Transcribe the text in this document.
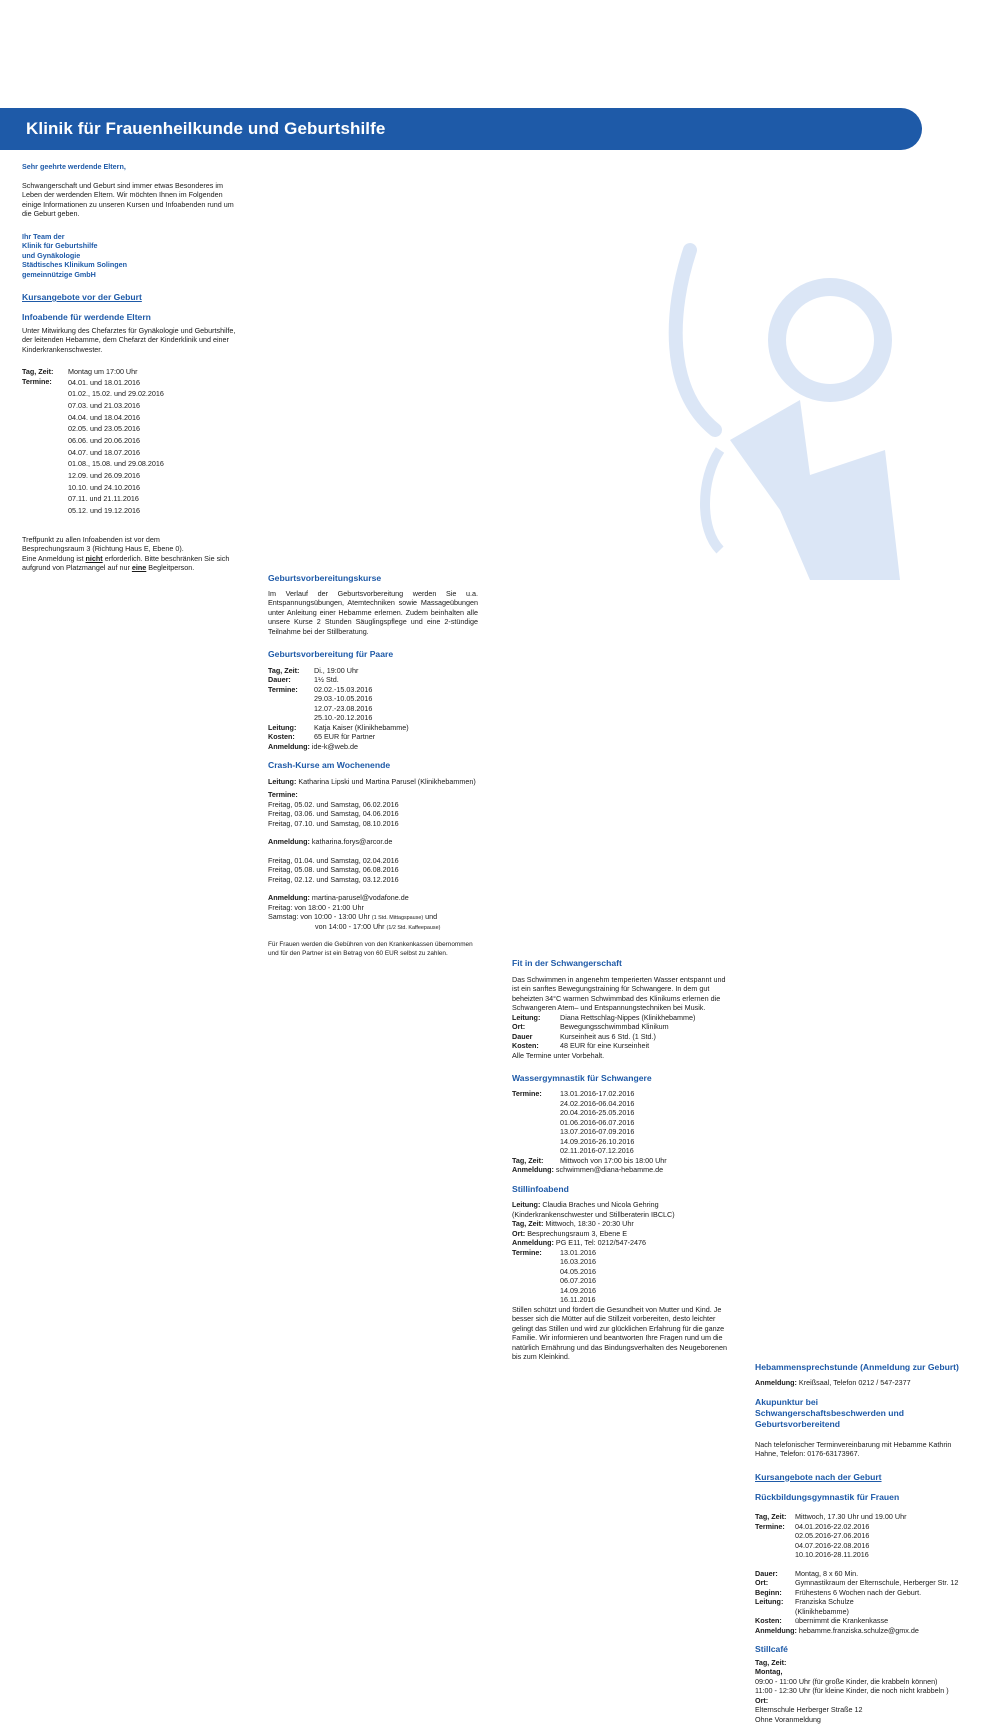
Klinik für Frauenheilkunde und Geburtshilfe

Sehr geehrte werdende Eltern,

Schwangerschaft und Geburt sind immer etwas Besonderes im Leben der werdenden Eltern. Wir möchten Ihnen im Folgenden einige Informationen zu unseren Kursen und Infoabenden rund um die Geburt geben.

Ihr Team der

Klinik für Geburtshilfe

und Gynäkologie

Städtisches Klinikum Solingen

gemeinnützige GmbH

Kursangebote vor der Geburt

Infoabende für werdende Eltern

Unter Mitwirkung des Chefarztes für Gynäkologie und Geburtshilfe, der leitenden Hebamme, dem Chefarzt der Kinderklinik und einer Kinderkrankenschwester.

Tag, Zeit:	Montag um 17:00 Uhr
Termine:	04.01. und 18.01.2016
01.02., 15.02. und 29.02.2016
07.03. und 21.03.2016
04.04. und 18.04.2016
02.05. und 23.05.2016
06.06. und 20.06.2016
04.07. und 18.07.2016
01.08., 15.08. und 29.08.2016
12.09. und 26.09.2016
10.10. und 24.10.2016
07.11. und 21.11.2016
05.12. und 19.12.2016

Treffpunkt zu allen Infoabenden ist vor dem

Besprechungsraum 3 (Richtung Haus E, Ebene 0).

Eine Anmeldung ist nicht erforderlich. Bitte beschränken Sie sich

aufgrund von Platzmangel auf nur eine Begleitperson.

Geburtsvorbereitungskurse

Im Verlauf der Geburtsvorbereitung werden Sie u.a. Entspannungsübungen, Atemtechniken sowie Massageübungen unter Anleitung einer Hebamme erlernen. Zudem beinhalten alle unsere Kurse 2 Stunden Säuglingspflege und eine 2-stündige Teilnahme bei der Stillberatung.

Geburtsvorbereitung für Paare

Tag, Zeit:	Di., 19:00 Uhr
Dauer:	1½ Std.
Termine:	02.02.-15.03.2016
29.03.-10.05.2016
12.07.-23.08.2016
25.10.-20.12.2016
Leitung:	Katja Kaiser (Klinikhebamme)
Kosten:	65 EUR für Partner
Anmeldung: ide-k@web.de

Crash-Kurse am Wochenende

Leitung: Katharina Lipski und Martina Parusel (Klinikhebammen)

Termine:

Freitag, 05.02. und Samstag, 06.02.2016
Freitag, 03.06. und Samstag, 04.06.2016
Freitag, 07.10. und Samstag, 08.10.2016

Anmeldung: katharina.forys@arcor.de

Freitag, 01.04. und Samstag, 02.04.2016
Freitag, 05.08. und Samstag, 06.08.2016
Freitag, 02.12. und Samstag, 03.12.2016

Anmeldung: martina-parusel@vodafone.de

Freitag: von 18:00 - 21:00 Uhr

Samstag: von 10:00 - 13:00 Uhr (1 Std. Mittagspause) und

von 14:00 - 17:00 Uhr (1/2 Std. Kaffeepause)

Für Frauen werden die Gebühren von den Krankenkassen übernommen und für den Partner ist ein Betrag von 60 EUR selbst zu zahlen.

Fit in der Schwangerschaft

Das Schwimmen in angenehm temperierten Wasser entspannt und ist ein sanftes Bewegungstraining für Schwangere. In dem gut beheizten 34°C warmen Schwimmbad des Klinikums erlernen die Schwangeren Atem– und Entspannungstechniken bei Musik.

Leitung:	Diana Rettschlag-Nippes (Klinikhebamme)
Ort:	Bewegungsschwimmbad Klinikum
Dauer	Kurseinheit aus 6 Std. (1 Std.)
Kosten:	48 EUR für eine Kurseinheit

Alle Termine unter Vorbehalt.

Wassergymnastik für Schwangere

Termine:	13.01.2016-17.02.2016
24.02.2016-06.04.2016
20.04.2016-25.05.2016
01.06.2016-06.07.2016
13.07.2016-07.09.2016
14.09.2016-26.10.2016
02.11.2016-07.12.2016
Tag, Zeit:	Mittwoch von 17:00 bis 18:00 Uhr
Anmeldung: schwimmen@diana-hebamme.de

Stillinfoabend

Leitung: Claudia Braches und Nicola Gehring (Kinderkrankenschwester und Stillberaterin IBCLC)

Tag, Zeit: Mittwoch, 18:30 - 20:30 Uhr

Ort: Besprechungsraum 3, Ebene E

Anmeldung: PG E11, Tel: 0212/547-2476

Termine:	13.01.2016
16.03.2016
04.05.2016
06.07.2016
14.09.2016
16.11.2016

Stillen schützt und fördert die Gesundheit von Mutter und Kind. Je besser sich die Mütter auf die Stillzeit vorbereiten, desto leichter gelingt das Stillen und wird zur glücklichen Erfahrung für die ganze Familie. Wir informieren und beantworten Ihre Fragen rund um die natürlich Ernährung und das Bindungsverhalten des Neugeborenen bis zum Kleinkind.

Hebammensprechstunde (Anmeldung zur Geburt)

Anmeldung: Kreißsaal, Telefon 0212 / 547-2377

Akupunktur bei

Schwangerschaftsbeschwerden und

Geburtsvorbereitend

Nach telefonischer Terminvereinbarung mit Hebamme Kathrin Hahne, Telefon: 0176-63173967.

Kursangebote nach der Geburt

Rückbildungsgymnastik für Frauen

Tag, Zeit:	Mittwoch, 17.30 Uhr und 19.00 Uhr
Termine:	04.01.2016-22.02.2016
02.05.2016-27.06.2016
04.07.2016-22.08.2016
10.10.2016-28.11.2016
Dauer:	Montag, 8 x 60 Min.
Ort:	Gymnastikraum der Elternschule, Herberger Str. 12
Beginn:	Frühestens 6 Wochen nach der Geburt.
Leitung:	Franziska Schulze (Klinikhebamme)
Kosten:	übernimmt die Krankenkasse
Anmeldung: hebamme.franziska.schulze@gmx.de

Stillcafé

Tag, Zeit:

Montag,

09:00 - 11:00 Uhr (für große Kinder, die krabbeln können)

11:00 - 12:30 Uhr (für kleine Kinder, die noch nicht krabbeln )

Ort:

Elternschule Herberger Straße 12

Ohne Voranmeldung
